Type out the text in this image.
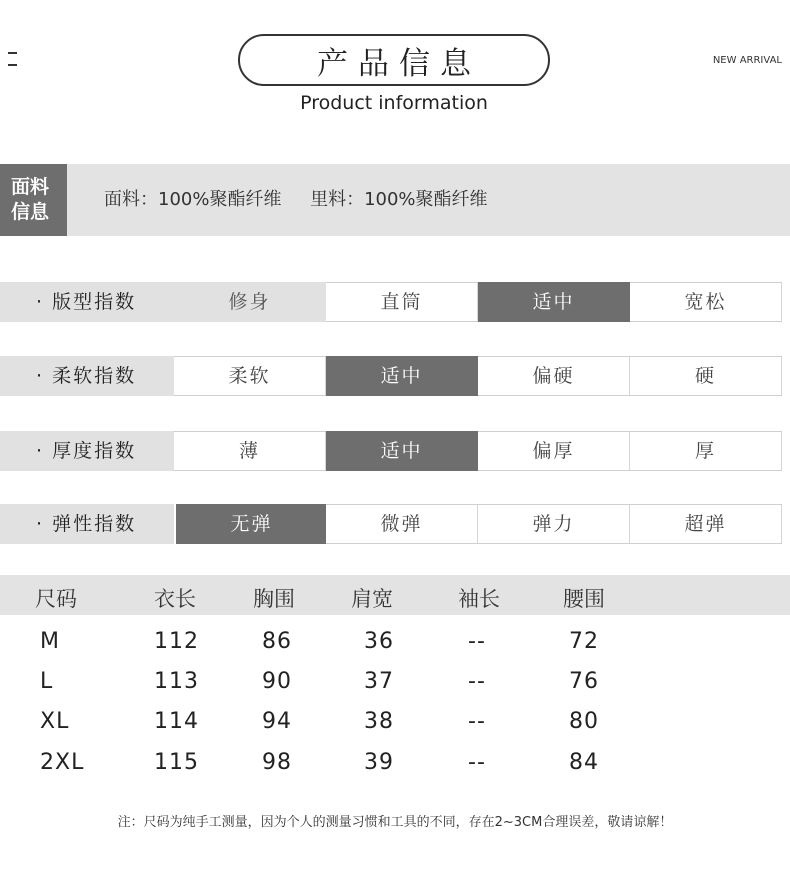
产品信息
Product information
NEW ARRIVAL
面料
信息
面料：100%聚酯纤维 里料：100%聚酯纤维
· 版型指数	修身	直筒	适中	宽松
· 柔软指数	柔软	适中	偏硬	硬
· 厚度指数	薄	适中	偏厚	厚
· 弹性指数	无弹	微弹	弹力	超弹
尺码	衣长	胸围	肩宽	袖长	腰围
M	112	86	36	--	72
L	113	90	37	--	76
XL	114	94	38	--	80
2XL	115	98	39	--	84
注：尺码为纯手工测量，因为个人的测量习惯和工具的不同，存在2~3CM合理误差，敬请谅解！
